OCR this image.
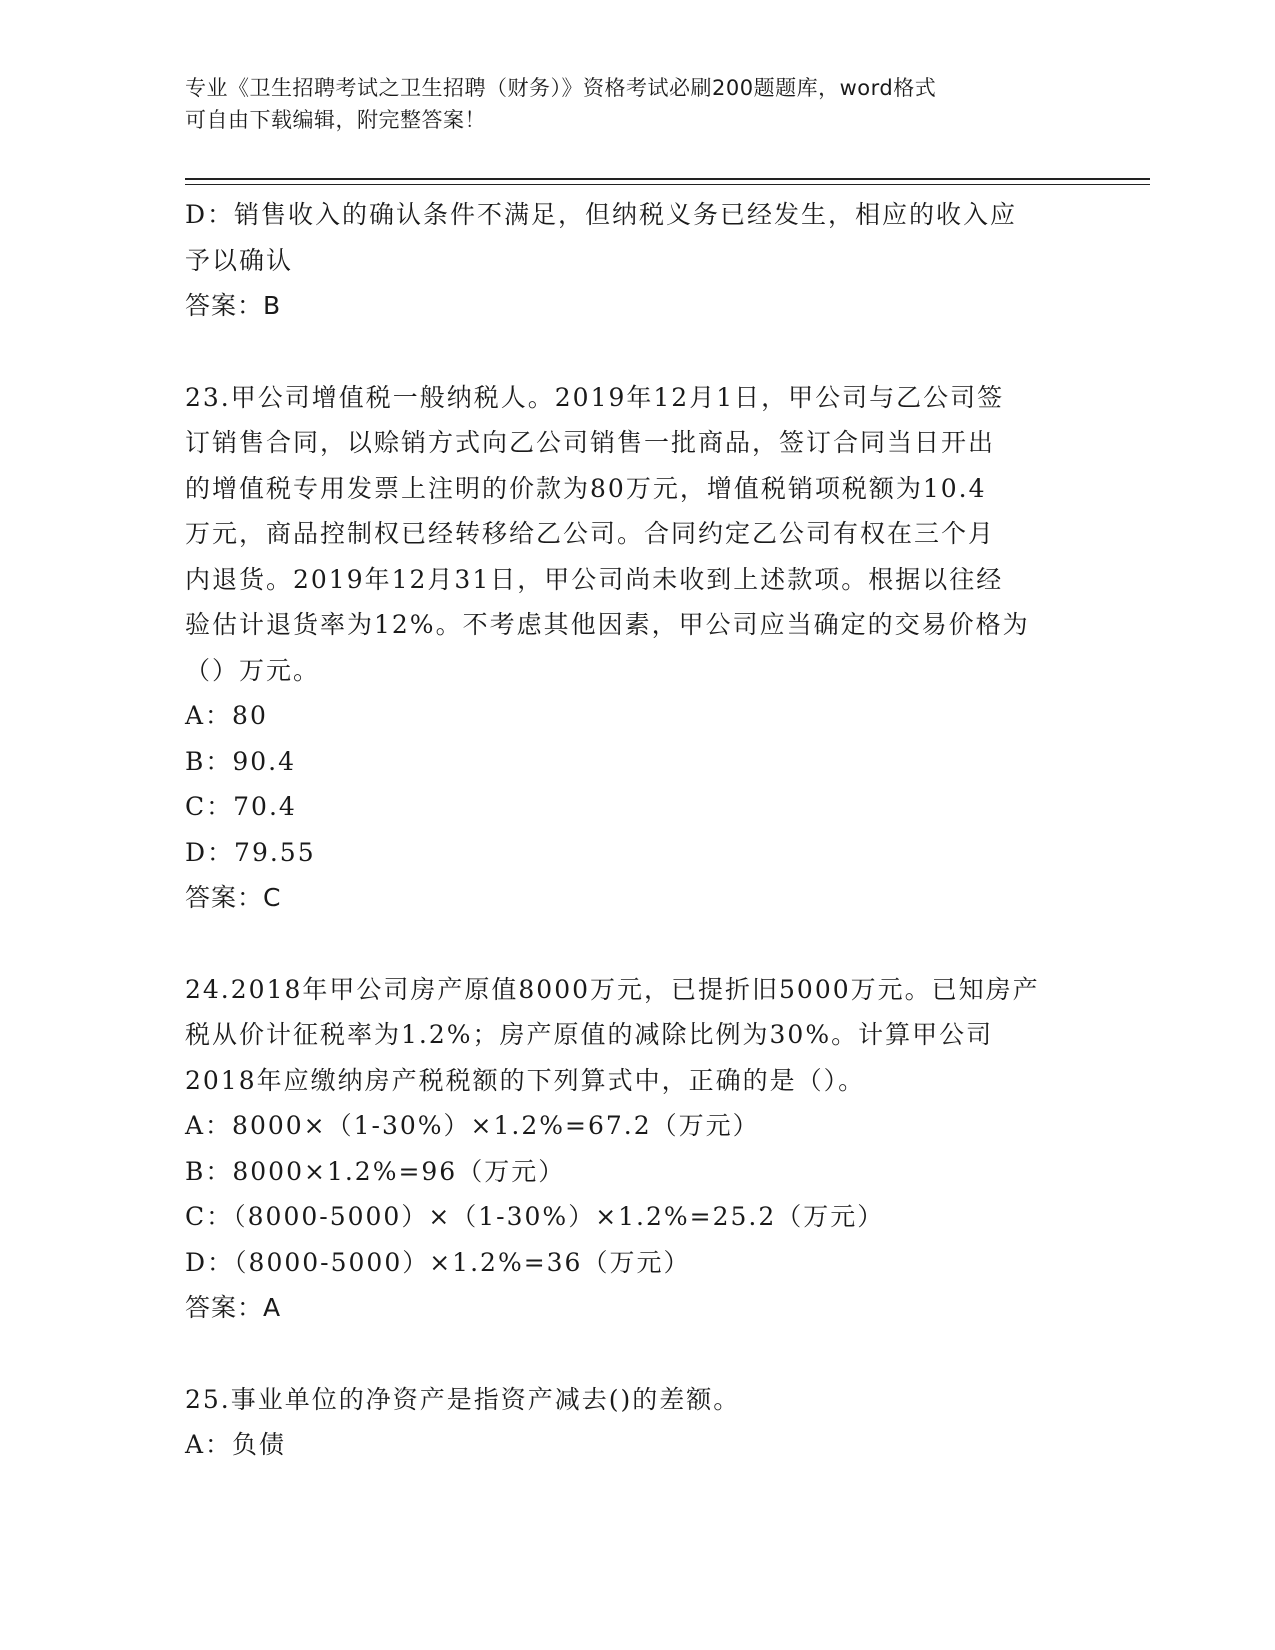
专业《卫生招聘考试之卫生招聘（财务）》资格考试必刷200题题库，word格式
可自由下载编辑，附完整答案！
D：销售收入的确认条件不满足，但纳税义务已经发生，相应的收入应
予以确认
答案：B
23.甲公司增值税一般纳税人。2019年12月1日，甲公司与乙公司签
订销售合同，以赊销方式向乙公司销售一批商品，签订合同当日开出
的增值税专用发票上注明的价款为80万元，增值税销项税额为10.4
万元，商品控制权已经转移给乙公司。合同约定乙公司有权在三个月
内退货。2019年12月31日，甲公司尚未收到上述款项。根据以往经
验估计退货率为12%。不考虑其他因素，甲公司应当确定的交易价格为
（）万元。
A：80
B：90.4
C：70.4
D：79.55
答案：C
24.2018年甲公司房产原值8000万元，已提折旧5000万元。已知房产
税从价计征税率为1.2%；房产原值的减除比例为30%。计算甲公司
2018年应缴纳房产税税额的下列算式中，正确的是（）。
A：8000×（1-30%）×1.2%=67.2（万元）
B：8000×1.2%=96（万元）
C：（8000-5000）×（1-30%）×1.2%=25.2（万元）
D：（8000-5000）×1.2%=36（万元）
答案：A
25.事业单位的净资产是指资产减去()的差额。
A：负债
